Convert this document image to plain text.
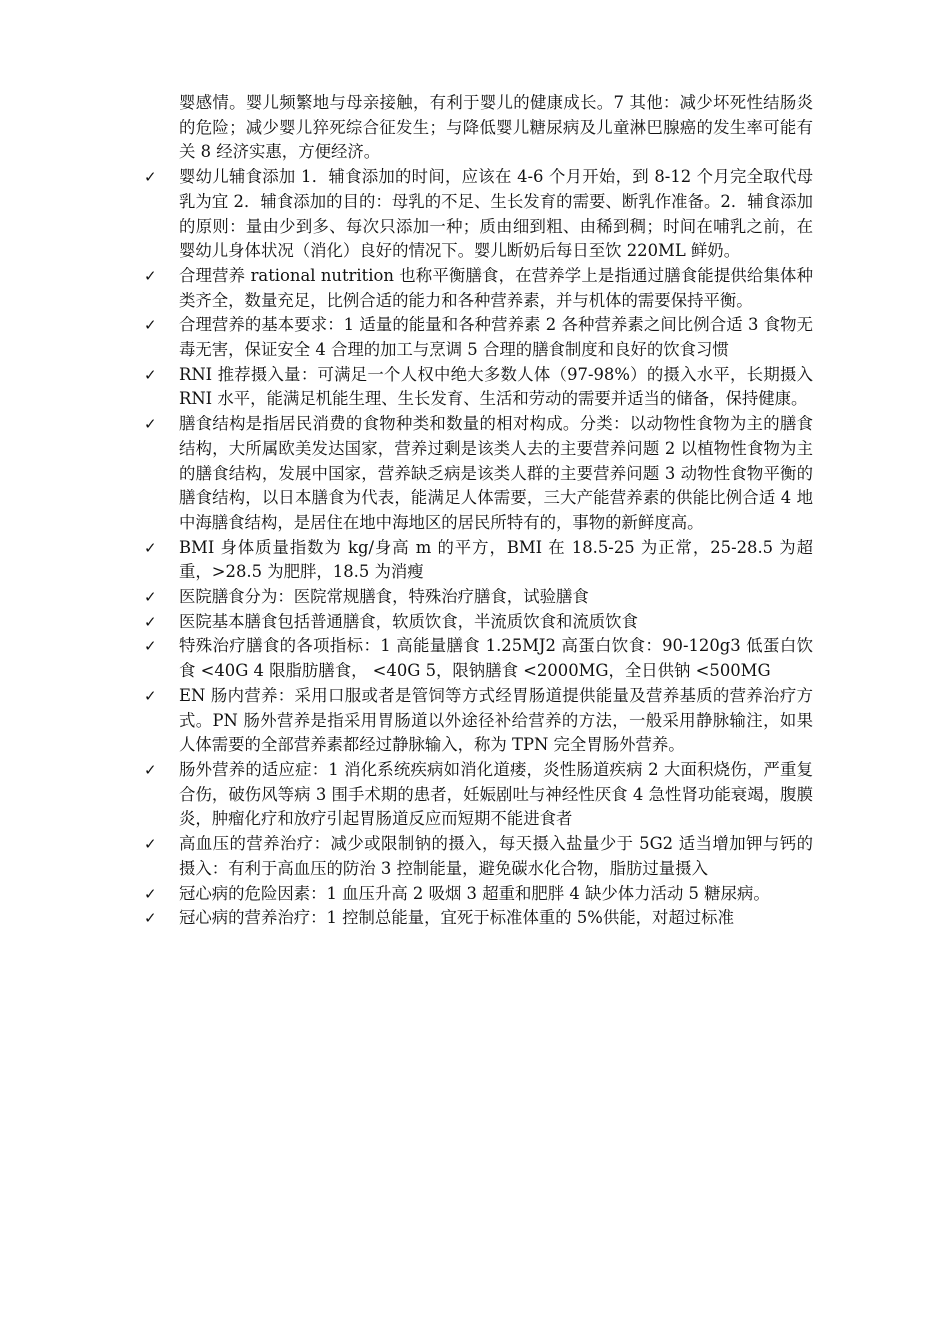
婴感情。婴儿频繁地与母亲接触，有利于婴儿的健康成长。7 其他：减少坏死性结肠炎的危险；减少婴儿猝死综合征发生；与降低婴儿糖尿病及儿童淋巴腺癌的发生率可能有关 8 经济实惠，方便经济。

✓	婴幼儿辅食添加 1．辅食添加的时间，应该在 4-6 个月开始，到 8-12 个月完全取代母乳为宜 2．辅食添加的目的：母乳的不足、生长发育的需要、断乳作准备。2．辅食添加的原则：量由少到多、每次只添加一种；质由细到粗、由稀到稠；时间在哺乳之前，在婴幼儿身体状况（消化）良好的情况下。婴儿断奶后每日至饮 220ML 鲜奶。
✓	合理营养 rational nutrition 也称平衡膳食，在营养学上是指通过膳食能提供给集体种类齐全，数量充足，比例合适的能力和各种营养素，并与机体的需要保持平衡。
✓	合理营养的基本要求：1 适量的能量和各种营养素 2 各种营养素之间比例合适 3 食物无毒无害，保证安全 4 合理的加工与烹调 5 合理的膳食制度和良好的饮食习惯
✓	RNI 推荐摄入量：可满足一个人权中绝大多数人体（97-98%）的摄入水平，长期摄入 RNI 水平，能满足机能生理、生长发育、生活和劳动的需要并适当的储备，保持健康。
✓	膳食结构是指居民消费的食物种类和数量的相对构成。分类：以动物性食物为主的膳食结构，大所属欧美发达国家，营养过剩是该类人去的主要营养问题 2 以植物性食物为主的膳食结构，发展中国家，营养缺乏病是该类人群的主要营养问题 3 动物性食物平衡的膳食结构，以日本膳食为代表，能满足人体需要，三大产能营养素的供能比例合适 4 地中海膳食结构，是居住在地中海地区的居民所特有的，事物的新鲜度高。
✓	BMI 身体质量指数为 kg/身高 m 的平方，BMI 在 18.5-25 为正常，25-28.5 为超重，>28.5 为肥胖，18.5 为消瘦
✓	医院膳食分为：医院常规膳食，特殊治疗膳食，试验膳食
✓	医院基本膳食包括普通膳食，软质饮食，半流质饮食和流质饮食
✓	特殊治疗膳食的各项指标：1 高能量膳食 1.25MJ2 高蛋白饮食：90-120g3 低蛋白饮食 <40G 4 限脂肪膳食， <40G 5，限钠膳食 <2000MG，全日供钠 <500MG
✓	EN 肠内营养：采用口服或者是管饲等方式经胃肠道提供能量及营养基质的营养治疗方式。PN 肠外营养是指采用胃肠道以外途径补给营养的方法，一般采用静脉输注，如果人体需要的全部营养素都经过静脉输入，称为 TPN 完全胃肠外营养。
✓	肠外营养的适应症：1 消化系统疾病如消化道瘘，炎性肠道疾病 2 大面积烧伤，严重复合伤，破伤风等病 3 围手术期的患者，妊娠剧吐与神经性厌食 4 急性肾功能衰竭，腹膜炎，肿瘤化疗和放疗引起胃肠道反应而短期不能进食者
✓	高血压的营养治疗：减少或限制钠的摄入，每天摄入盐量少于 5G2 适当增加钾与钙的摄入：有利于高血压的防治 3 控制能量，避免碳水化合物，脂肪过量摄入
✓	冠心病的危险因素：1 血压升高 2 吸烟 3 超重和肥胖 4 缺少体力活动 5 糖尿病。
✓	冠心病的营养治疗：1 控制总能量，宜死于标准体重的 5%供能，对超过标准
